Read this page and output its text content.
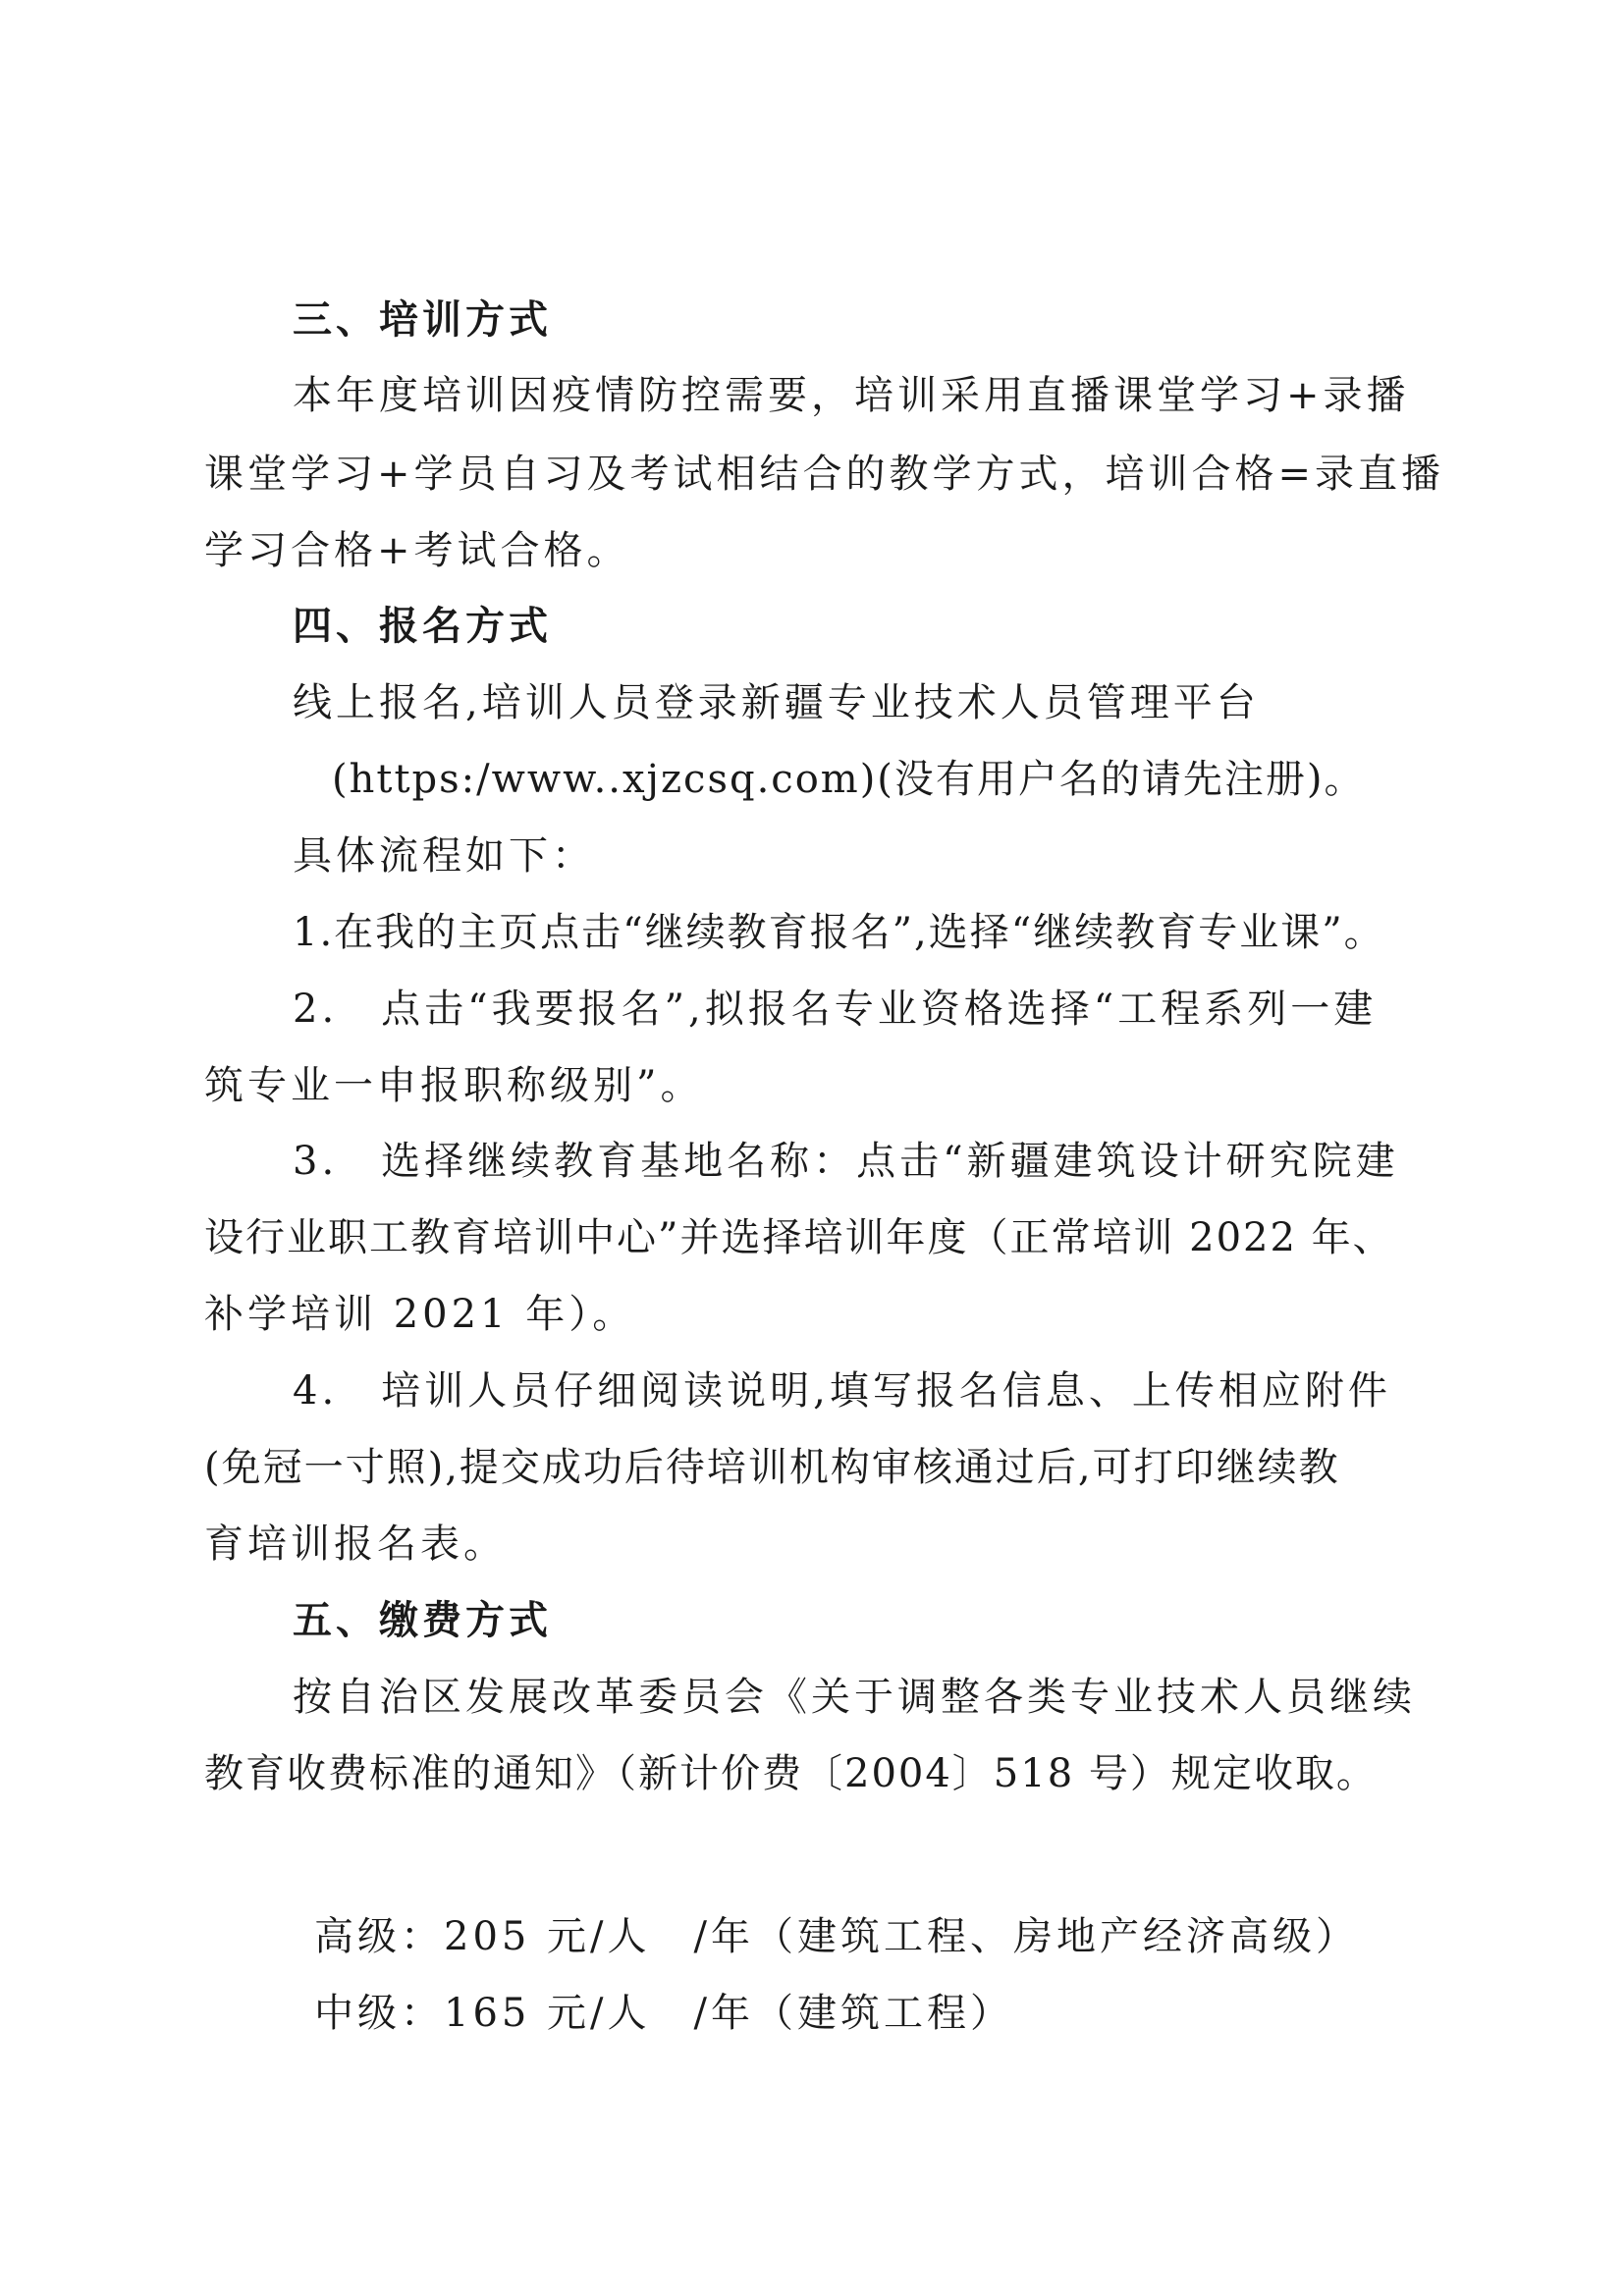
三、培训方式
本年度培训因疫情防控需要，培训采用直播课堂学习+录播
课堂学习+学员自习及考试相结合的教学方式，培训合格=录直播
学习合格+考试合格。
四、报名方式
线上报名,培训人员登录新疆专业技术人员管理平台
(https:/www..xjzcsq.com)(没有用户名的请先注册)。
具体流程如下：
1.在我的主页点击“继续教育报名”,选择“继续教育专业课”。
2.　点击“我要报名”,拟报名专业资格选择“工程系列一建
筑专业一申报职称级别”。
3.　选择继续教育基地名称：点击“新疆建筑设计研究院建
设行业职工教育培训中心”并选择培训年度（正常培训 2022 年、
补学培训 2021 年）。
4.　培训人员仔细阅读说明,填写报名信息、上传相应附件
(免冠一寸照),提交成功后待培训机构审核通过后,可打印继续教
育培训报名表。
五、缴费方式
按自治区发展改革委员会《关于调整各类专业技术人员继续
教育收费标准的通知》（新计价费〔2004〕518 号）规定收取。
高级：205 元/人　/年（建筑工程、房地产经济高级）
中级：165 元/人　/年（建筑工程）
